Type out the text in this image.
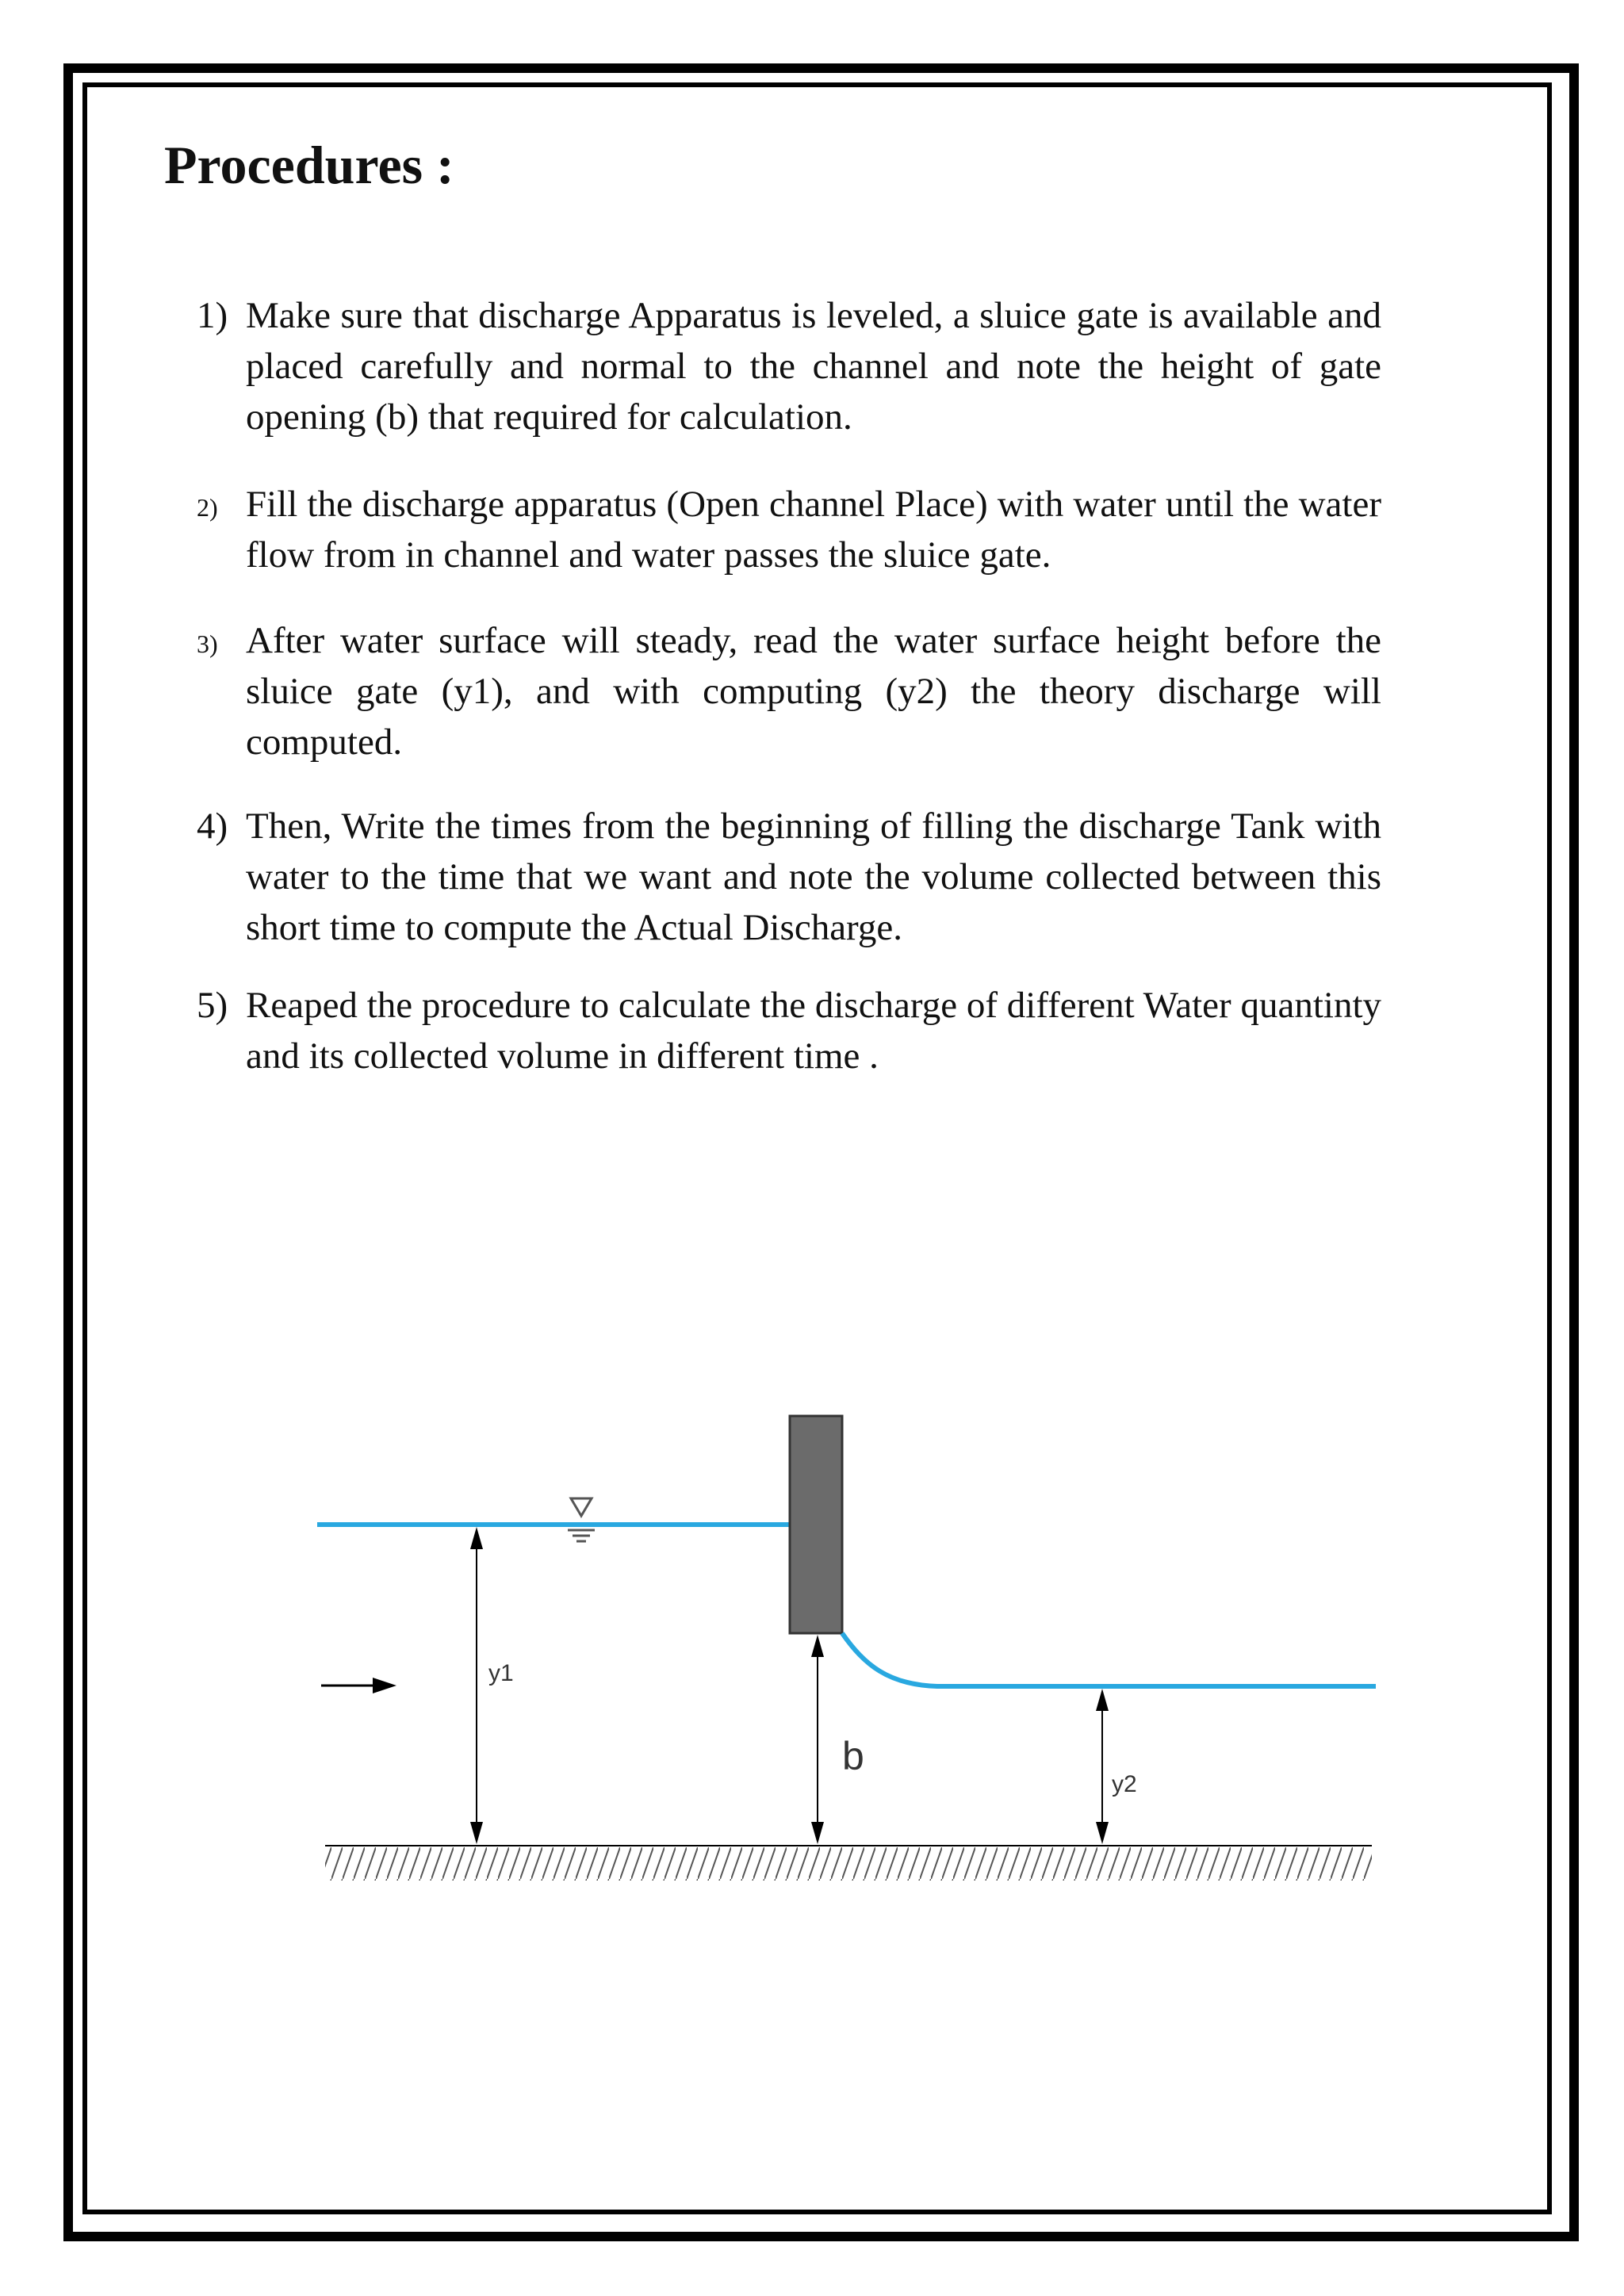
Procedures :
1) Make sure that discharge Apparatus is leveled, a sluice gate is available and placed carefully and normal to the channel and note the height of gate opening (b) that required for calculation.
2) Fill the discharge apparatus (Open channel Place) with water until the water flow from in channel and water passes the sluice gate.
3) After water surface will steady, read the water surface height before the sluice gate (y1), and with computing (y2) the theory discharge will computed.
4) Then, Write the times from the beginning of filling the discharge Tank with water to the time that we want and note the volume collected between this short time to compute the Actual Discharge.
5) Reaped the procedure to calculate the discharge of different Water quantinty and its collected volume in different time .
y1
b
y2
